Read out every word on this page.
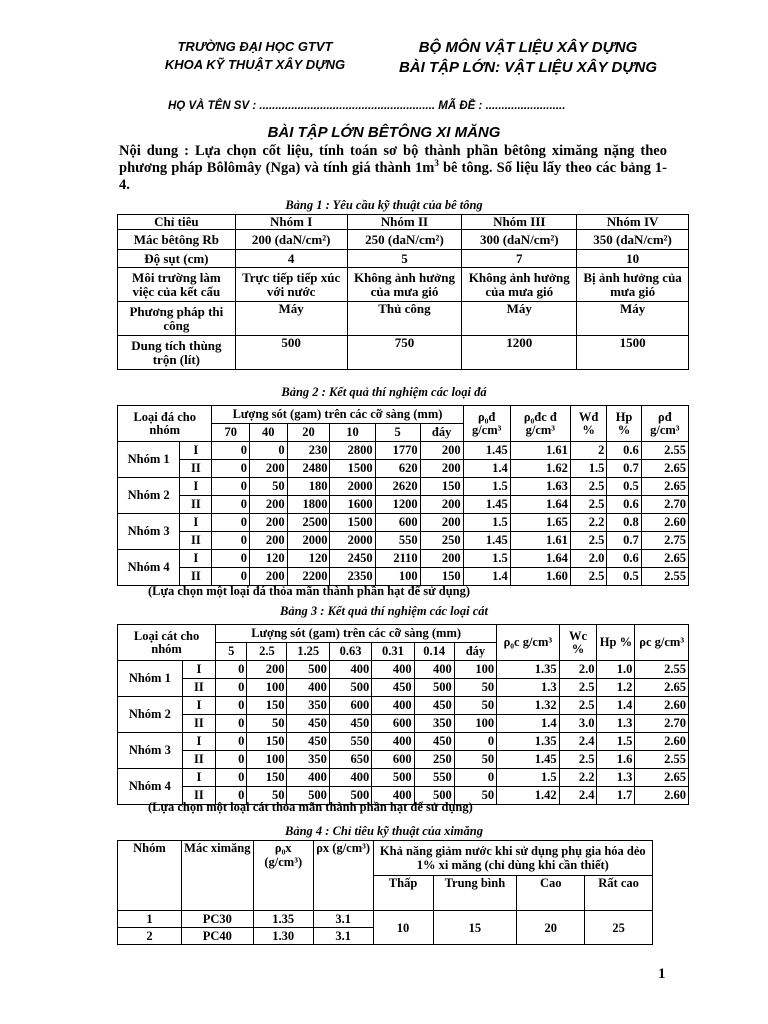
TRƯỜNG ĐẠI HỌC GTVT
KHOA KỸ THUẬT XÂY DỰNG
BỘ MÔN VẬT LIỆU XÂY DỰNG
BÀI TẬP LỚN: VẬT LIỆU XÂY DỰNG
HỌ VÀ TÊN SV : ....................................................... MÃ ĐỀ : .........................
BÀI TẬP LỚN BÊTÔNG XI MĂNG
Nội dung : Lựa chọn cốt liệu, tính toán sơ bộ thành phần bêtông ximăng nặng theo phương pháp Bôlômây (Nga) và tính giá thành $1m^3$ bê tông. Số liệu lấy theo các bảng 1-4.
Bảng 1 : Yêu cầu kỹ thuật của bê tông
Chỉ tiêu	Nhóm I	Nhóm II	Nhóm III	Nhóm IV
Mác bêtông Rb	200 (daN/cm²)	250 (daN/cm²)	300 (daN/cm²)	350 (daN/cm²)
Độ sụt (cm)	4	5	7	10
Môi trường làm việc của kết cấu	Trực tiếp tiếp xúc với nước	Không ảnh hưởng của mưa gió	Không ảnh hưởng của mưa gió	Bị ảnh hưởng của mưa gió
Phương pháp thi công	Máy	Thủ công	Máy	Máy
Dung tích thùng trộn (lít)	500	750	1200	1500
Bảng 2 : Kết quả thí nghiệm các loại đá
Loại đá cho nhóm		Lượng sót (gam) trên các cỡ sàng (mm)						ρ₀đ g/cm³	ρ₀đc đ g/cm³	Wđ %	Hp %	ρđ g/cm³
		70	40	20	10	5	đáy					
Nhóm 1	I	0	0	230	2800	1770	200	1.45	1.61	2	0.6	2.55
	II	0	200	2480	1500	620	200	1.4	1.62	1.5	0.7	2.65
Nhóm 2	I	0	50	180	2000	2620	150	1.5	1.63	2.5	0.5	2.65
	II	0	200	1800	1600	1200	200	1.45	1.64	2.5	0.6	2.70
Nhóm 3	I	0	200	2500	1500	600	200	1.5	1.65	2.2	0.8	2.60
	II	0	200	2000	2000	550	250	1.45	1.61	2.5	0.7	2.75
Nhóm 4	I	0	120	120	2450	2110	200	1.5	1.64	2.0	0.6	2.65
	II	0	200	2200	2350	100	150	1.4	1.60	2.5	0.5	2.55
(Lựa chọn một loại đá thỏa mãn thành phần hạt để sử dụng)
Bảng 3 : Kết quả thí nghiệm các loại cát
Loại cát cho nhóm		Lượng sót (gam) trên các cỡ sàng (mm)							ρ₀c g/cm³	Wc %	Hp %	ρc g/cm³
		5	2.5	1.25	0.63	0.31	0.14	đáy				
Nhóm 1	I	0	200	500	400	400	400	100	1.35	2.0	1.0	2.55
	II	0	100	400	500	450	500	50	1.3	2.5	1.2	2.65
Nhóm 2	I	0	150	350	600	400	450	50	1.32	2.5	1.4	2.60
	II	0	50	450	450	600	350	100	1.4	3.0	1.3	2.70
Nhóm 3	I	0	150	450	550	400	450	0	1.35	2.4	1.5	2.60
	II	0	100	350	650	600	250	50	1.45	2.5	1.6	2.55
Nhóm 4	I	0	150	400	400	500	550	0	1.5	2.2	1.3	2.65
	II	0	50	500	500	400	500	50	1.42	2.4	1.7	2.60
(Lựa chọn một loại cát thỏa mãn thành phần hạt để sử dụng)
Bảng 4 : Chỉ tiêu kỹ thuật của ximăng
Nhóm	Mác ximăng	ρ₀x (g/cm³)	ρx (g/cm³)	Khả năng giảm nước khi sử dụng phụ gia hóa dẻo 1% xi măng (chỉ dùng khi cần thiết)			
				Thấp	Trung bình	Cao	Rất cao
1	PC30	1.35	3.1	10	15	20	25
2	PC40	1.30	3.1				
1
